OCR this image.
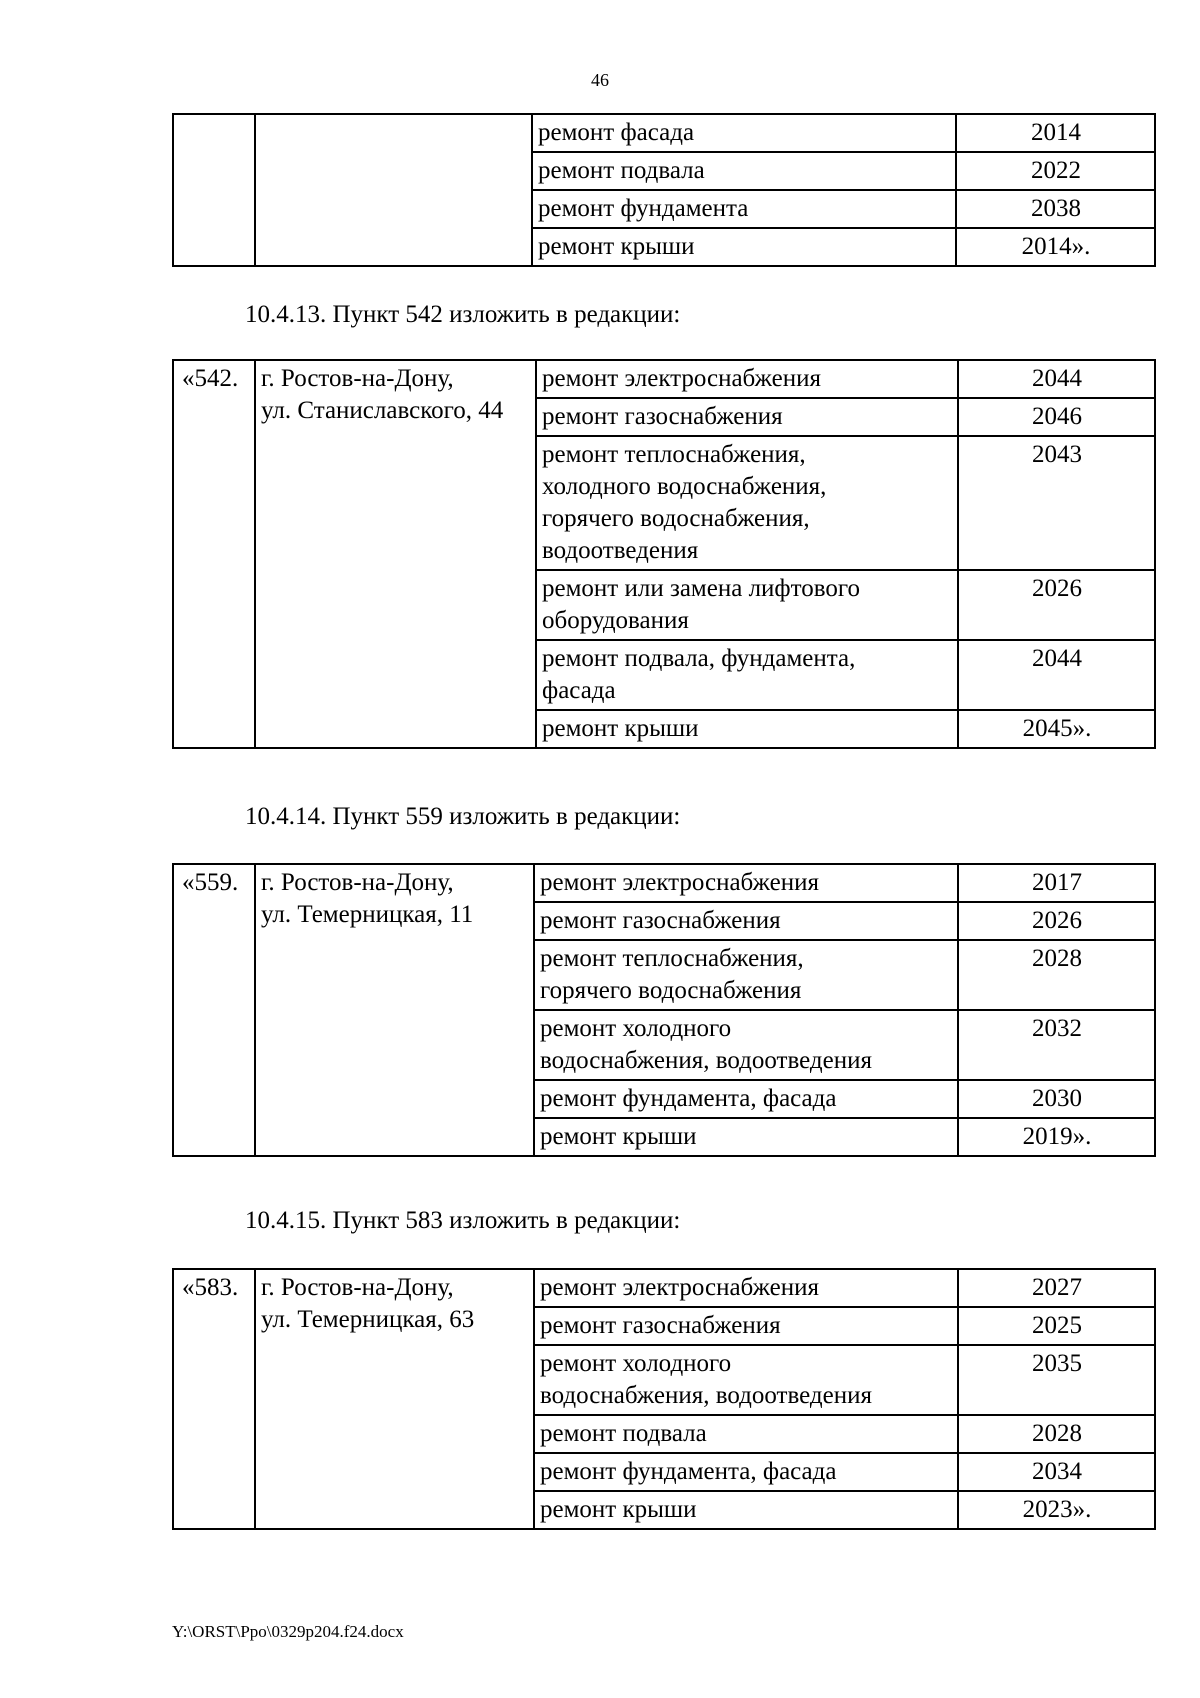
46

		ремонт фасада	2014

		ремонт подвала	2022

		ремонт фундамента	2038

		ремонт крыши	2014».
10.4.13. Пункт 542 изложить в редакции:
«542.	г. Ростов-на-Дону,
ул. Станиславского, 44	ремонт электроснабжения	2044

		ремонт газоснабжения	2046

		ремонт теплоснабжения,
холодного водоснабжения,
горячего водоснабжения,
водоотведения	2043

		ремонт или замена лифтового
оборудования	2026

		ремонт подвала, фундамента,
фасада	2044

		ремонт крыши	2045».
10.4.14. Пункт 559 изложить в редакции:
«559.	г. Ростов-на-Дону,
ул. Темерницкая, 11	ремонт электроснабжения	2017

		ремонт газоснабжения	2026

		ремонт теплоснабжения,
горячего водоснабжения	2028

		ремонт холодного
водоснабжения, водоотведения	2032

		ремонт фундамента, фасада	2030

		ремонт крыши	2019».
10.4.15. Пункт 583 изложить в редакции:
«583.	г. Ростов-на-Дону,
ул. Темерницкая, 63	ремонт электроснабжения	2027

		ремонт газоснабжения	2025

		ремонт холодного
водоснабжения, водоотведения	2035

		ремонт подвала	2028

		ремонт фундамента, фасада	2034

		ремонт крыши	2023».
Y:\ORST\Ppo\0329p204.f24.docx
